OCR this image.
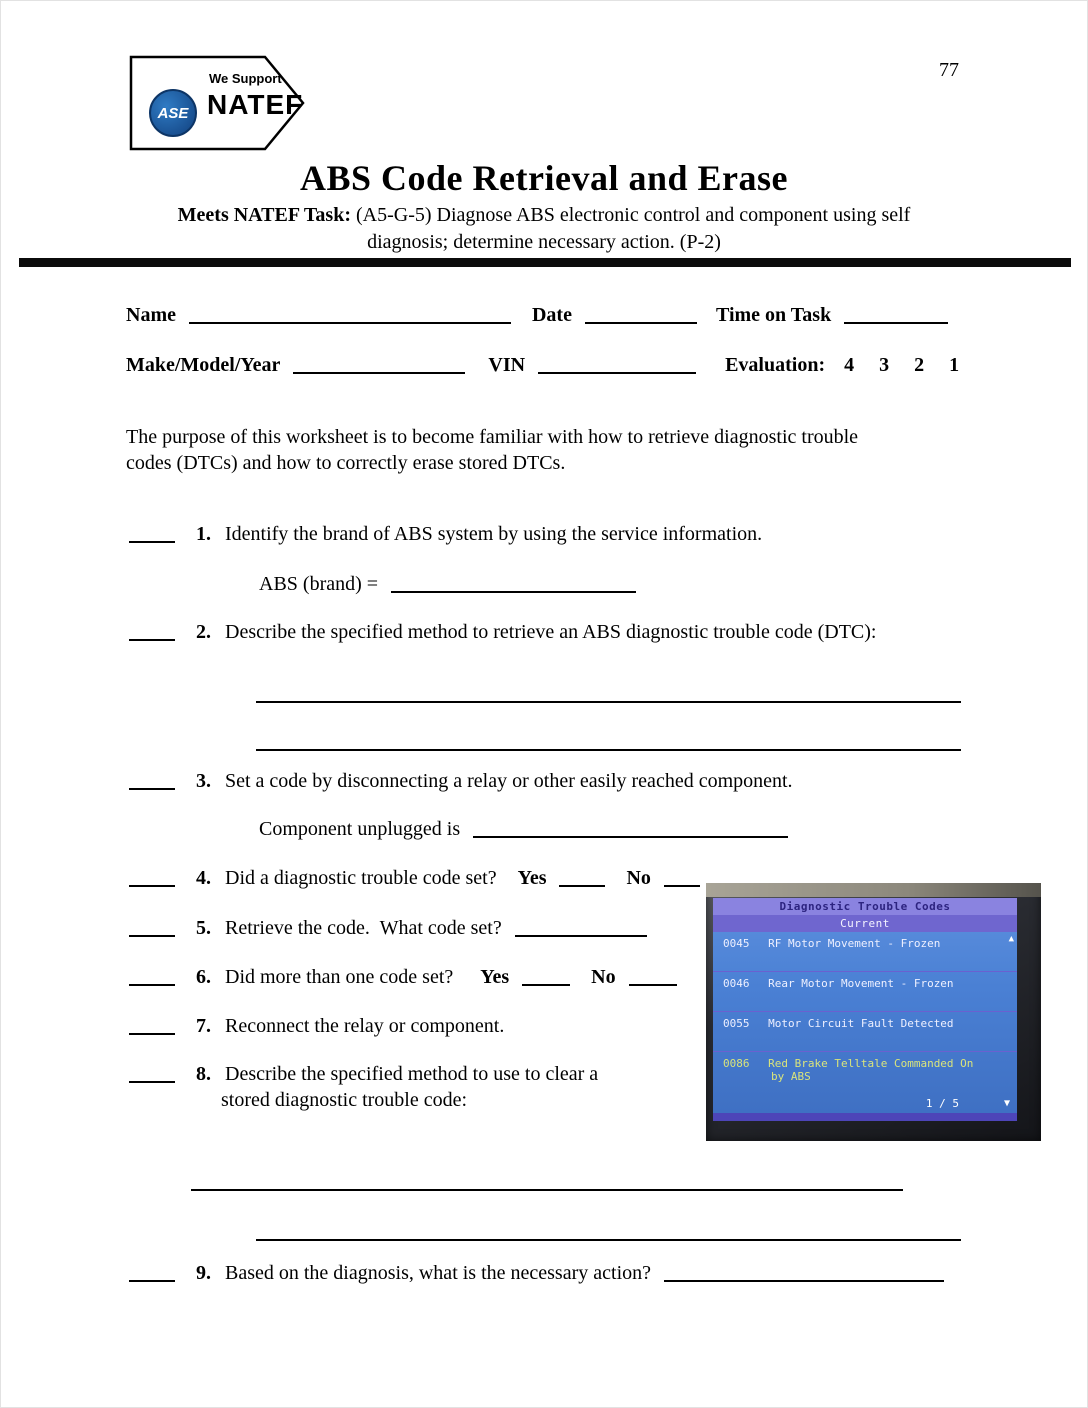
77
ASE
We Support
NATEF
ABS Code Retrieval and Erase
Meets NATEF Task: (A5-G-5) Diagnose ABS electronic control and component using self
diagnosis; determine necessary action. (P-2)
Name	Date	Time on Task
Make/Model/Year	VIN	Evaluation: 4 3 2 1
The purpose of this worksheet is to become familiar with how to retrieve diagnostic trouble
codes (DTCs) and how to correctly erase stored DTCs.
1. Identify the brand of ABS system by using the service information.
ABS (brand) =
2. Describe the specified method to retrieve an ABS diagnostic trouble code (DTC):
3. Set a code by disconnecting a relay or other easily reached component.
Component unplugged is
4. Did a diagnostic trouble code set? Yes	No
5. Retrieve the code.  What code set?
6. Did more than one code set? Yes	No
7. Reconnect the relay or component.
8. Describe the specified method to use to clear a
stored diagnostic trouble code:
9. Based on the diagnosis, what is the necessary action?
Diagnostic Trouble Codes
Current
0045 RF Motor Movement - Frozen
0046 Rear Motor Movement - Frozen
0055 Motor Circuit Fault Detected
0086 Red Brake Telltale Commanded On
by ABS
▲
1 / 5	▼
